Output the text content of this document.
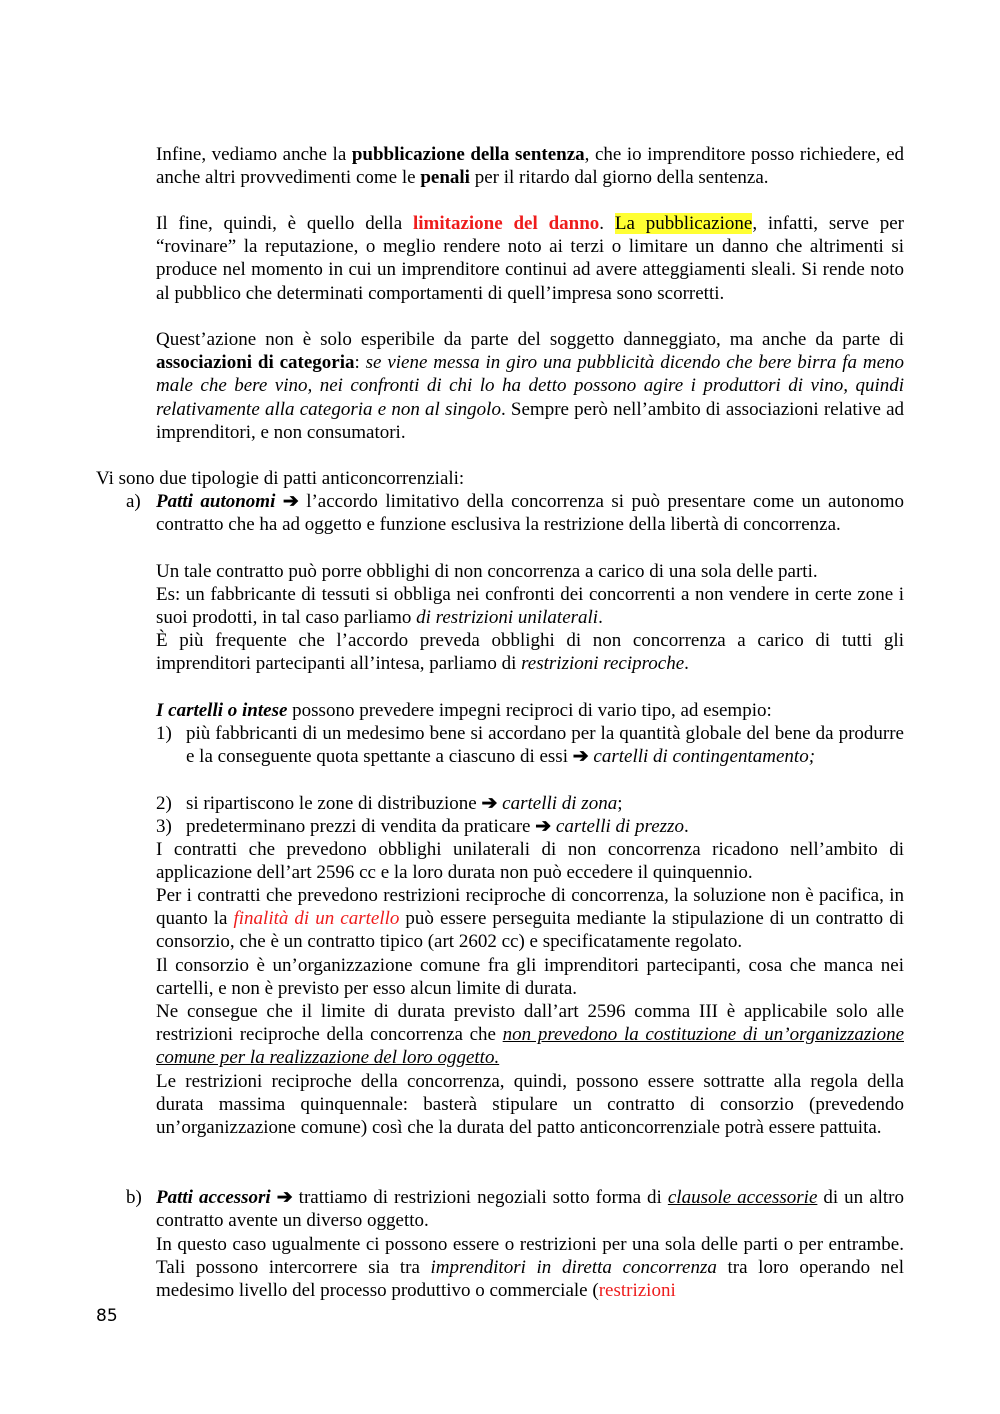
Infine, vediamo anche la pubblicazione della sentenza, che io imprenditore posso richiedere, ed anche altri provvedimenti come le penali per il ritardo dal giorno della sentenza.
Il fine, quindi, è quello della limitazione del danno. La pubblicazione, infatti, serve per “rovinare” la reputazione, o meglio rendere noto ai terzi o limitare un danno che altrimenti si produce nel momento in cui un imprenditore continui ad avere atteggiamenti sleali. Si rende noto al pubblico che determinati comportamenti di quell’impresa sono scorretti.
Quest’azione non è solo esperibile da parte del soggetto danneggiato, ma anche da parte di associazioni di categoria: se viene messa in giro una pubblicità dicendo che bere birra fa meno male che bere vino, nei confronti di chi lo ha detto possono agire i produttori di vino, quindi relativamente alla categoria e non al singolo. Sempre però nell’ambito di associazioni relative ad imprenditori, e non consumatori.
Vi sono due tipologie di patti anticoncorrenziali:
a) Patti autonomi ➔ l’accordo limitativo della concorrenza si può presentare come un autonomo contratto che ha ad oggetto e funzione esclusiva la restrizione della libertà di concorrenza.
Un tale contratto può porre obblighi di non concorrenza a carico di una sola delle parti.
Es: un fabbricante di tessuti si obbliga nei confronti dei concorrenti a non vendere in certe zone i suoi prodotti, in tal caso parliamo di restrizioni unilaterali.
È più frequente che l’accordo preveda obblighi di non concorrenza a carico di tutti gli imprenditori partecipanti all’intesa, parliamo di restrizioni reciproche.
I cartelli o intese possono prevedere impegni reciproci di vario tipo, ad esempio:
1) più fabbricanti di un medesimo bene si accordano per la quantità globale del bene da produrre e la conseguente quota spettante a ciascuno di essi ➔ cartelli di contingentamento;
2) si ripartiscono le zone di distribuzione ➔ cartelli di zona;
3) predeterminano prezzi di vendita da praticare ➔ cartelli di prezzo.
I contratti che prevedono obblighi unilaterali di non concorrenza ricadono nell’ambito di applicazione dell’art 2596 cc e la loro durata non può eccedere il quinquennio.
Per i contratti che prevedono restrizioni reciproche di concorrenza, la soluzione non è pacifica, in quanto la finalità di un cartello può essere perseguita mediante la stipulazione di un contratto di consorzio, che è un contratto tipico (art 2602 cc) e specificatamente regolato.
Il consorzio è un’organizzazione comune fra gli imprenditori partecipanti, cosa che manca nei cartelli, e non è previsto per esso alcun limite di durata.
Ne consegue che il limite di durata previsto dall’art 2596 comma III è applicabile solo alle restrizioni reciproche della concorrenza che non prevedono la costituzione di un’organizzazione comune per la realizzazione del loro oggetto.
Le restrizioni reciproche della concorrenza, quindi, possono essere sottratte alla regola della durata massima quinquennale: basterà stipulare un contratto di consorzio (prevedendo un’organizzazione comune) così che la durata del patto anticoncorrenziale potrà essere pattuita.
b) Patti accessori ➔ trattiamo di restrizioni negoziali sotto forma di clausole accessorie di un altro contratto avente un diverso oggetto.
In questo caso ugualmente ci possono essere o restrizioni per una sola delle parti o per entrambe. Tali possono intercorrere sia tra imprenditori in diretta concorrenza tra loro operando nel medesimo livello del processo produttivo o commerciale (restrizioni
85
